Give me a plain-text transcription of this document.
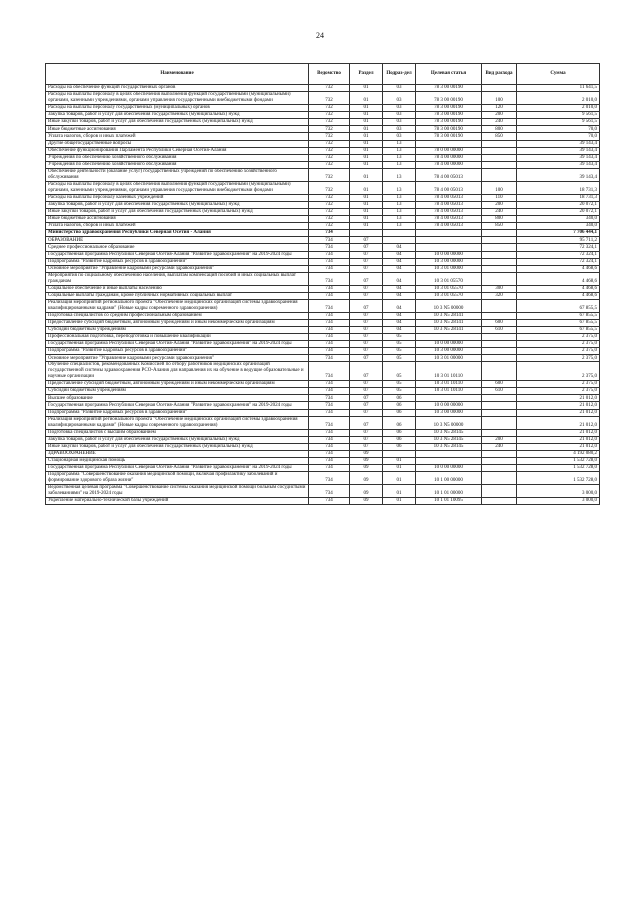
24
Наименование	Ведомство	Раздел	Подраз-дел	Целевая статья	Вид расхода	Сумма
Расходы на обеспечение функций государственных органов	732	01	03	78 3 00 00190		11 641,5
Расходы на выплаты персоналу в целях обеспечения выполнения функций государственными (муниципальными) органами, казенными учреждениями, органами управления государственными внебюджетными фондами	732	01	03	78 3 00 00190	100	2 010,0
Расходы на выплаты персоналу государственных (муниципальных) органов	732	01	03	78 3 00 00190	120	2 010,0
Закупка товаров, работ и услуг для обеспечения государственных (муниципальных) нужд	732	01	03	78 3 00 00190	200	9 561,5
Иные закупки товаров, работ и услуг для обеспечения государственных (муниципальных) нужд	732	01	03	78 3 00 00190	240	9 561,5
Иные бюджетные ассигнования	732	01	03	78 3 00 00190	800	70,0
Уплата налогов, сборов и иных платежей	732	01	03	78 3 00 00190	850	70,0
Другие общегосударственные вопросы	732	01	13			39 143,4
Обеспечение функционирования Парламента Республики Северная Осетия-Алания	732	01	13	78 0 00 00000		39 143,4
Учреждения по обеспечению хозяйственного обслуживания	732	01	13	78 4 00 00000		39 143,4
Учреждения по обеспечению хозяйственного обслуживания	732	01	13	78 4 00 00000		39 143,4
Обеспечение деятельности (оказание услуг) государственных учреждений по обеспечению хозяйственного обслуживания	732	01	13	78 4 00 05013		39 143,4
Расходы на выплаты персоналу в целях обеспечения выполнения функций государственными (муниципальными) органами, казенными учреждениями, органами управления государственными внебюджетными фондами	732	01	13	78 4 00 05013	100	18 731,3
Расходы на выплаты персоналу казенных учреждений	732	01	13	78 4 00 05013	110	18 731,3
Закупка товаров, работ и услуг для обеспечения государственных (муниципальных) нужд	732	01	13	78 4 00 05013	200	20 072,1
Иные закупки товаров, работ и услуг для обеспечения государственных (муниципальных) нужд	732	01	13	78 4 00 05013	240	20 072,1
Иные бюджетные ассигнования	732	01	13	78 4 00 05013	800	340,0
Уплата налогов, сборов и иных платежей	732	01	13	78 4 00 05013	850	340,0
Министерство здравоохранения Республики Северная Осетия - Алания	734					7 706 444,1
ОБРАЗОВАНИЕ	734	07				95 711,2
Среднее профессиональное образование	734	07	04			72 324,1
Государственная программа Республики Северная Осетия-Алания "Развитие здравоохранения" на 2019-2024 годы	734	07	04	10 0 00 00000		72 324,1
Подпрограмма "Развитие кадровых ресурсов в здравоохранении"	734	07	04	10 3 00 00000		72 324,1
Основное мероприятие "Управление кадровыми ресурсами здравоохранения"	734	07	04	10 3 01 00000		4 468,6
Мероприятия по социальному обеспечению населения, выплатам компенсаций пособий и иных социальных выплат гражданам	734	07	04	10 3 01 05570		4 468,6
Социальное обеспечение и иные выплаты населению	734	07	04	10 3 01 05570	300	4 468,6
Социальные выплаты гражданам, кроме публичных нормативных социальных выплат	734	07	04	10 3 01 05570	320	4 468,6
Реализация мероприятий регионального проекта "Обеспечение медицинских организаций системы здравоохранения квалифицированными кадрами" (Новые кадры современного здравоохранения)	734	07	04	10 3 N5 00000		67 855,5
Подготовка специалистов со средним профессиональным образованием	734	07	04	10 3 N5 28141		67 855,5
Предоставление субсидий бюджетным, автономным учреждениям и иным некоммерческим организациям	734	07	04	10 3 N5 28141	600	67 855,5
Субсидии бюджетным учреждениям	734	07	04	10 3 N5 28141	610	67 855,5
Профессиональная подготовка, переподготовка и повышение квалификации	734	07	05			2 375,0
Государственная программа Республики Северная Осетия-Алания "Развитие здравоохранения" на 2019-2024 годы	734	07	05	10 0 00 00000		2 375,0
Подпрограмма "Развитие кадровых ресурсов в здравоохранении"	734	07	05	10 3 00 00000		2 375,0
Основное мероприятие "Управление кадровыми ресурсами здравоохранения"	734	07	05	10 3 01 00000		2 375,0
Обучение специалистов, рекомендованных Комиссией по отбору работников медицинских организаций государственной системы здравоохранения РСО-Алания для направления их на обучение в ведущие образовательные и научные организации	734	07	05	10 3 01 10110		2 375,0
Предоставление субсидий бюджетным, автономным учреждениям и иным некоммерческим организациям	734	07	05	10 3 01 10110	600	2 375,0
Субсидии бюджетным учреждениям	734	07	05	10 3 01 10110	610	2 375,0
Высшее образование	734	07	06			21 012,0
Государственная программа Республики Северная Осетия-Алания "Развитие здравоохранения" на 2019-2024 годы	734	07	06	10 0 00 00000		21 012,0
Подпрограмма "Развитие кадровых ресурсов в здравоохранении"	734	07	06	10 3 00 00000		21 012,0
Реализация мероприятий регионального проекта "Обеспечение медицинских организаций системы здравоохранения квалифицированными кадрами" (Новые кадры современного здравоохранения)	734	07	06	10 3 N5 00000		21 012,0
Подготовка специалистов с высшим образованием	734	07	06	10 3 N5 28145		21 012,0
Закупка товаров, работ и услуг для обеспечения государственных (муниципальных) нужд	734	07	06	10 3 N5 28145	200	21 012,0
Иные закупки товаров, работ и услуг для обеспечения государственных (муниципальных) нужд	734	07	06	10 3 N5 28145	240	21 012,0
ЗДРАВООХРАНЕНИЕ	734	09				4 192 080,2
Стационарная медицинская помощь	734	09	01			1 532 728,0
Государственная программа Республики Северная Осетия-Алания "Развитие здравоохранения" на 2019-2024 годы	734	09	01	10 0 00 00000		1 532 728,0
Подпрограмма "Совершенствование оказания медицинской помощи, включая профилактику заболеваний и формирование здорового образа жизни"	734	09	01	10 1 00 00000		1 532 728,0
Ведомственная целевая программа "Совершенствование системы оказания медицинской помощи больным сосудистыми заболеваниями" на 2019-2024 годы	734	09	01	10 1 01 00000		3 000,0
Укрепление материально-технической базы учреждений	734	09	01	10 1 01 10095		3 000,0
